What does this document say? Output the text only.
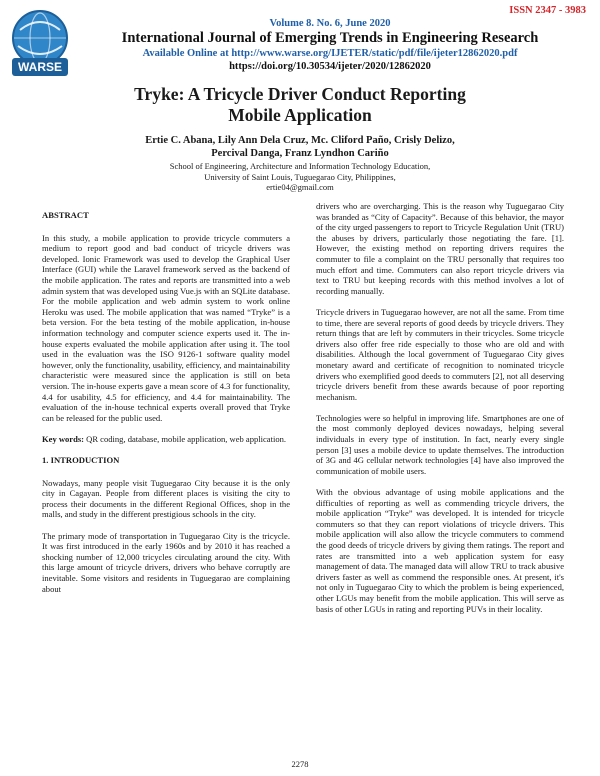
WARSE
ISSN 2347 - 3983
Volume 8. No. 6, June 2020
International Journal of Emerging Trends in Engineering Research
Available Online at http://www.warse.org/IJETER/static/pdf/file/ijeter12862020.pdf
https://doi.org/10.30534/ijeter/2020/12862020
Tryke: A Tricycle Driver Conduct Reporting
Mobile Application
Ertie C. Abana, Lily Ann Dela Cruz, Mc. Cliford Paño, Crisly Delizo,
Percival Danga, Franz Lyndhon Cariño
School of Engineering, Architecture and Information Technology Education,
University of Saint Louis, Tuguegarao City, Philippines,
ertie04@gmail.com
ABSTRACT

In this study, a mobile application to provide tricycle commuters a medium to report good and bad conduct of tricycle drivers was developed. Ionic Framework was used to develop the Graphical User Interface (GUI) while the Laravel framework served as the backend of the mobile application. The rates and reports are transmitted into a web admin system that was developed using Vue.js with an SQLite database. For the mobile application and web admin system to work online Heroku was used. The mobile application that was named “Tryke” is a beta version. For the beta testing of the mobile application, in-house information technology and computer science experts used it. The in-house experts evaluated the mobile application after using it. The tool used in the evaluation was the ISO 9126-1 software quality model however, only the functionality, usability, efficiency, and maintainability characteristic were measured since the application is still on beta version. The in-house experts gave a mean score of 4.3 for functionality, 4.4 for usability, 4.5 for efficiency, and 4.4 for maintainability. The evaluation of the in-house technical experts overall proved that Tryke can be released for the public used.

Key words: QR coding, database, mobile application, web application.

1. INTRODUCTION

Nowadays, many people visit Tuguegarao City because it is the only city in Cagayan. People from different places is visiting the city to process their documents in the different Regional Offices, shop in the malls, and study in the different prestigious schools in the city.

The primary mode of transportation in Tuguegarao City is the tricycle. It was first introduced in the early 1960s and by 2010 it has reached a shocking number of 12,000 tricycles circulating around the city. With this large amount of tricycle drivers, drivers who behave corruptly are inevitable. Some visitors and residents in Tuguegarao are complaining about

drivers who are overcharging. This is the reason why Tuguegarao City was branded as “City of Capacity”. Because of this behavior, the mayor of the city urged passengers to report to Tricycle Regulation Unit (TRU) the abuses by drivers, particularly those negotiating the fare. [1]. However, the existing method on reporting drivers requires the commuter to file a complaint on the TRU personally that requires too much effort and time. Commuters can also report tricycle drivers via text to TRU but keeping records with this method involves a lot of recording manually.

Tricycle drivers in Tuguegarao however, are not all the same. From time to time, there are several reports of good deeds by tricycle drivers. They return things that are left by commuters in their tricycles. Some tricycle drivers also offer free ride especially to those who are old and with disabilities. Although the local government of Tuguegarao City gives monetary award and certificate of recognition to nominated tricycle drivers who exemplified good deeds to commuters [2], not all deserving tricycle drivers benefit from these awards because of poor reporting mechanism.

Technologies were so helpful in improving life. Smartphones are one of the most commonly deployed devices nowadays, helping several individuals in every type of institution. In fact, nearly every single person [3] uses a mobile device to update themselves. The introduction of 3G and 4G cellular network technologies [4] have also improved the communication of mobile users.

With the obvious advantage of using mobile applications and the difficulties of reporting as well as commending tricycle drivers, the mobile application “Tryke” was developed. It is intended for tricycle commuters so that they can report violations of tricycle drivers. This mobile application will also allow the tricycle commuters to commend the good deeds of tricycle drivers by giving them ratings. The report and rates are transmitted into a web application system for easy management of data. The managed data will allow TRU to track abusive drivers faster as well as commend the responsible ones. At present, it's not only in Tuguegarao City to which the problem is being experienced, other LGUs may benefit from the mobile application. This will serve as basis of other LGUs in rating and reporting PUVs in their locality.

2278
